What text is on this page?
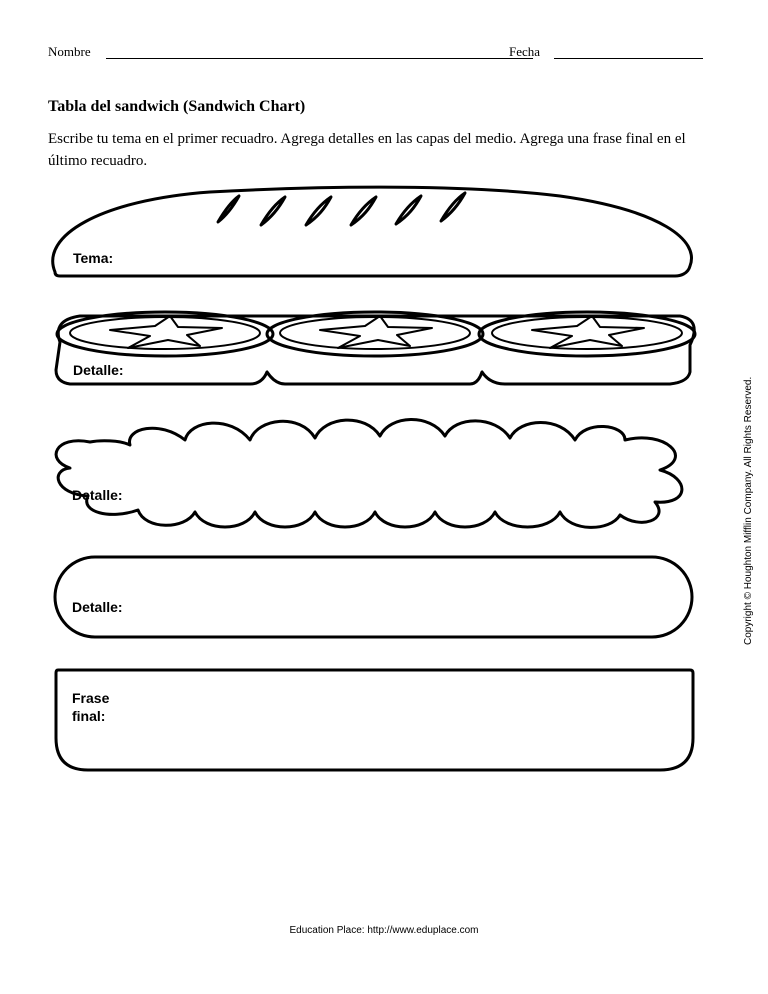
Nombre	Fecha
Tabla del sandwich (Sandwich Chart)
Escribe tu tema en el primer recuadro. Agrega detalles en las capas del medio. Agrega una frase final en el último recuadro.
Tema:
Detalle:
Detalle:
Detalle:
Frase
final:
Copyright © Houghton Mifflin Company. All Rights Reserved.
Education Place: http://www.eduplace.com
